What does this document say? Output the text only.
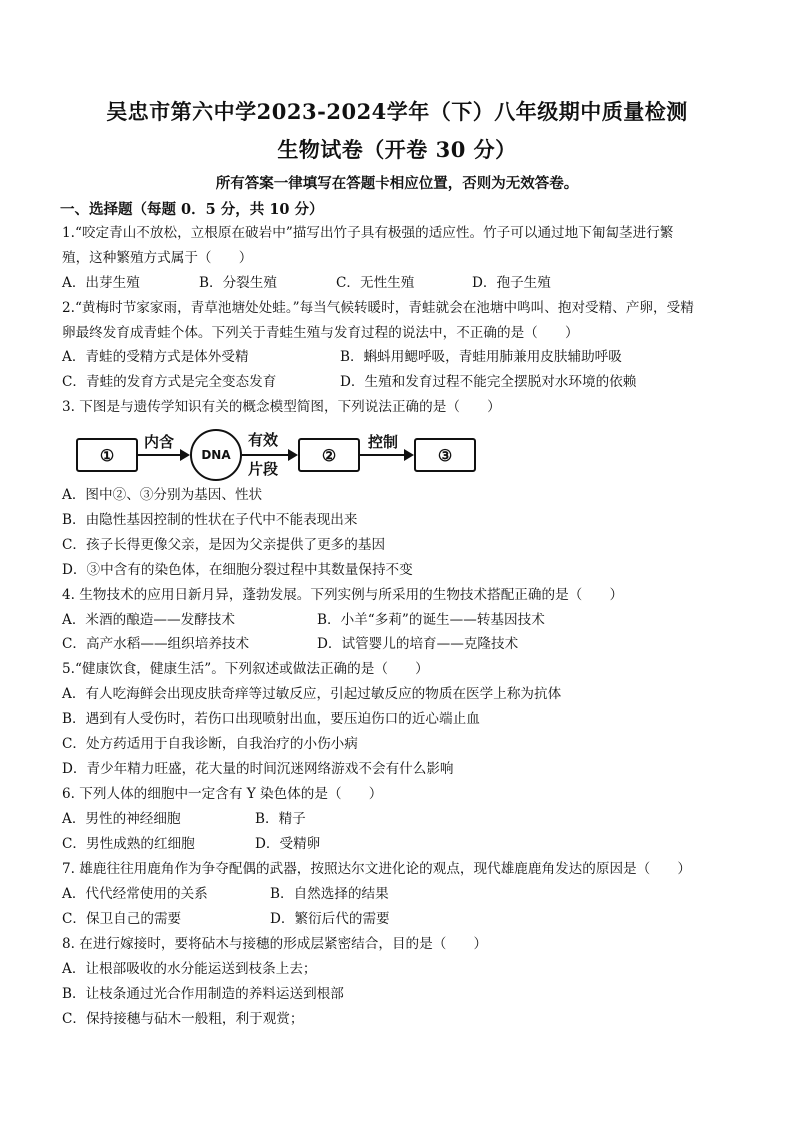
吴忠市第六中学2023-2024学年（下）八年级期中质量检测
生物试卷（开卷 30 分）
所有答案一律填写在答题卡相应位置，否则为无效答卷。
一、选择题（每题 0．5 分，共 10 分）
1.“咬定青山不放松，立根原在破岩中”描写出竹子具有极强的适应性。竹子可以通过地下匍匐茎进行繁
殖，这种繁殖方式属于（　　）
A．出芽生殖	B．分裂生殖	C．无性生殖	D．孢子生殖
2.“黄梅时节家家雨，青草池塘处处蛙。”每当气候转暖时，青蛙就会在池塘中鸣叫、抱对受精、产卵，受精
卵最终发育成青蛙个体。下列关于青蛙生殖与发育过程的说法中，不正确的是（　　）
A．青蛙的受精方式是体外受精	B．蝌蚪用鳃呼吸，青蛙用肺兼用皮肤辅助呼吸
C．青蛙的发育方式是完全变态发育	D．生殖和发育过程不能完全摆脱对水环境的依赖
3. 下图是与遗传学知识有关的概念模型简图，下列说法正确的是（　　）
①
内含
DNA
有效
片段
②
控制
③
A．图中②、③分别为基因、性状
B．由隐性基因控制的性状在子代中不能表现出来
C．孩子长得更像父亲，是因为父亲提供了更多的基因
D．③中含有的染色体，在细胞分裂过程中其数量保持不变
4. 生物技术的应用日新月异，蓬勃发展。下列实例与所采用的生物技术搭配正确的是（　　）
A．米酒的酿造——发酵技术	B．小羊“多莉”的诞生——转基因技术
C．高产水稻——组织培养技术	D．试管婴儿的培育——克隆技术
5.“健康饮食，健康生活”。下列叙述或做法正确的是（　　）
A．有人吃海鲜会出现皮肤奇痒等过敏反应，引起过敏反应的物质在医学上称为抗体
B．遇到有人受伤时，若伤口出现喷射出血，要压迫伤口的近心端止血
C．处方药适用于自我诊断，自我治疗的小伤小病
D．青少年精力旺盛，花大量的时间沉迷网络游戏不会有什么影响
6. 下列人体的细胞中一定含有 Y 染色体的是（　　）
A．男性的神经细胞	B．精子
C．男性成熟的红细胞	D．受精卵
7. 雄鹿往往用鹿角作为争夺配偶的武器，按照达尔文进化论的观点，现代雄鹿鹿角发达的原因是（　　）
A．代代经常使用的关系	B．自然选择的结果
C．保卫自己的需要	D．繁衍后代的需要
8. 在进行嫁接时，要将砧木与接穗的形成层紧密结合，目的是（　　）
A．让根部吸收的水分能运送到枝条上去；
B．让枝条通过光合作用制造的养料运送到根部
C．保持接穗与砧木一般粗，利于观赏；
